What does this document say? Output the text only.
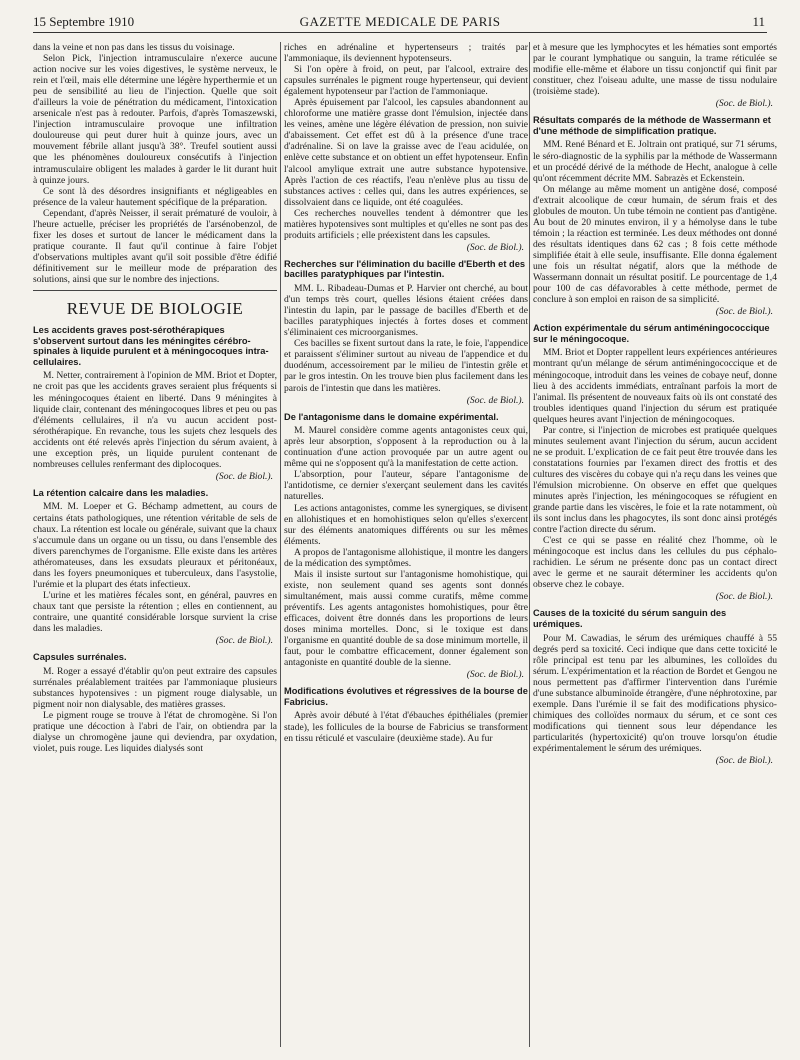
15 Septembre 1910	GAZETTE MEDICALE DE PARIS	11

dans la veine et non pas dans les tissus du voisinage.

Selon Pick, l'injection intramusculaire n'exerce aucune action nocive sur les voies digestives, le système nerveux, le rein et l'œil, mais elle détermine une légère hyperthermie et un peu de sensibilité au lieu de l'injection. Quelle que soit d'ailleurs la voie de pénétration du médicament, l'intoxication arsenicale n'est pas à redouter. Parfois, d'après Tomaszewski, l'injection intramusculaire provoque une infiltration douloureuse qui peut durer huit à quinze jours, avec un mouvement fébrile allant jusqu'à 38°. Treufel soutient aussi que les phénomènes douloureux consécutifs à l'injection intramusculaire obligent les malades à garder le lit durant huit à quinze jours.

Ce sont là des désordres insignifiants et négligeables en présence de la valeur hautement spécifique de la préparation.

Cependant, d'après Neisser, il serait prématuré de vouloir, à l'heure actuelle, préciser les propriétés de l'arsénobenzol, de fixer les doses et surtout de lancer le médicament dans la pratique courante. Il faut qu'il continue à faire l'objet d'observations multiples avant qu'il soit possible d'être édifié définitivement sur le meilleur mode de préparation des solutions, ainsi que sur le nombre des injections.

REVUE DE BIOLOGIE
Les accidents graves post-sérothérapiques s'observent surtout dans les méningites cérébro-spinales à liquide purulent et à méningocoques intra-cellulaires.

M. Netter, contrairement à l'opinion de MM. Briot et Dopter, ne croit pas que les accidents graves seraient plus fréquents si les méningocoques étaient en liberté. Dans 9 méningites à liquide clair, contenant des méningocoques libres et peu ou pas d'éléments cellulaires, il n'a vu aucun accident post-sérothérapique. En revanche, tous les sujets chez lesquels des accidents ont été relevés après l'injection du sérum avaient, à une exception près, un liquide purulent contenant de nombreuses cellules renfermant des diplocoques.

(Soc. de Biol.).
La rétention calcaire dans les maladies.

MM. M. Loeper et G. Béchamp admettent, au cours de certains états pathologiques, une rétention véritable de sels de chaux. La rétention est locale ou générale, suivant que la chaux s'accumule dans un organe ou un tissu, ou dans l'ensemble des divers parenchymes de l'organisme. Elle existe dans les artères athéromateuses, dans les exsudats pleuraux et péritonéaux, dans les foyers pneumoniques et tuberculeux, dans l'asystolie, l'urémie et la plupart des états infectieux.

L'urine et les matières fécales sont, en général, pauvres en chaux tant que persiste la rétention ; elles en contiennent, au contraire, une quantité considérable lorsque survient la crise dans les maladies.

(Soc. de Biol.).
Capsules surrénales.

M. Roger a essayé d'établir qu'on peut extraire des capsules surrénales préalablement traitées par l'ammoniaque plusieurs substances hypotensives : un pigment rouge dialysable, un pigment noir non dialysable, des matières grasses.

Le pigment rouge se trouve à l'état de chromogène. Si l'on pratique une décoction à l'abri de l'air, on obtiendra par la dialyse un chromogène jaune qui deviendra, par oxydation, violet, puis rouge. Les liquides dialysés sont

riches en adrénaline et hypertenseurs ; traités par l'ammoniaque, ils deviennent hypotenseurs.

Si l'on opère à froid, on peut, par l'alcool, extraire des capsules surrénales le pigment rouge hypertenseur, qui devient également hypotenseur par l'action de l'ammoniaque.

Après épuisement par l'alcool, les capsules abandonnent au chloroforme une matière grasse dont l'émulsion, injectée dans les veines, amène une légère élévation de pression, non suivie d'abaissement. Cet effet est dû à la présence d'une trace d'adrénaline. Si on lave la graisse avec de l'eau acidulée, on enlève cette substance et on obtient un effet hypotenseur. Enfin l'alcool amylique extrait une autre substance hypotensive. Après l'action de ces réactifs, l'eau n'enlève plus au tissu de substances actives : celles qui, dans les autres expériences, se dissolvaient dans ce liquide, ont été coagulées.

Ces recherches nouvelles tendent à démontrer que les matières hypotensives sont multiples et qu'elles ne sont pas des produits artificiels ; elle préexistent dans les capsules.

(Soc. de Biol.).
Recherches sur l'élimination du bacille d'Eberth et des bacilles paratyphiques par l'intestin.

MM. L. Ribadeau-Dumas et P. Harvier ont cherché, au bout d'un temps très court, quelles lésions étaient créées dans l'intestin du lapin, par le passage de bacilles d'Eberth et de bacilles paratyphiques injectés à fortes doses et comment s'éliminaient ces microorganismes.

Ces bacilles se fixent surtout dans la rate, le foie, l'appendice et paraissent s'éliminer surtout au niveau de l'appendice et du duodénum, accessoirement par le milieu de l'intestin grêle et par le gros intestin. On les trouve bien plus facilement dans les parois de l'intestin que dans les matières.

(Soc. de Biol.).
De l'antagonisme dans le domaine expérimental.

M. Maurel considère comme agents antagonistes ceux qui, après leur absorption, s'opposent à la reproduction ou à la continuation d'une action provoquée par un autre agent ou même qui ne s'opposent qu'à la manifestation de cette action.

L'absorption, pour l'auteur, sépare l'antagonisme de l'antidotisme, ce dernier s'exerçant seulement dans les cavités naturelles.

Les actions antagonistes, comme les synergiques, se divisent en allohistiques et en homohistiques selon qu'elles s'exercent sur des éléments anatomiques différents ou sur les mêmes éléments.

A propos de l'antagonisme allohistique, il montre les dangers de la médication des symptômes.

Mais il insiste surtout sur l'antagonisme homohistique, qui existe, non seulement quand ses agents sont donnés simultanément, mais aussi comme curatifs, même comme préventifs. Les agents antagonistes homohistiques, pour être efficaces, doivent être donnés dans les proportions de leurs doses minima mortelles. Donc, si le toxique est dans l'organisme en quantité double de sa dose minimum mortelle, il faut, pour le combattre efficacement, donner également son antagoniste en quantité double de la sienne.

(Soc. de Biol.).
Modifications évolutives et régressives de la bourse de Fabricius.

Après avoir débuté à l'état d'ébauches épithéliales (premier stade), les follicules de la bourse de Fabricius se transforment en tissu réticulé et vasculaire (deuxième stade). Au fur

et à mesure que les lymphocytes et les hématies sont emportés par le courant lymphatique ou sanguin, la trame réticulée se modifie elle-même et élabore un tissu conjonctif qui finit par constituer, chez l'oiseau adulte, une masse de tissu nodulaire (troisième stade).

(Soc. de Biol.).
Résultats comparés de la méthode de Wassermann et d'une méthode de simplification pratique.

MM. René Bénard et E. Joltrain ont pratiqué, sur 71 sérums, le séro-diagnostic de la syphilis par la méthode de Wassermann et un procédé dérivé de la méthode de Hecht, analogue à celle qu'ont récemment décrite MM. Sabrazès et Eckenstein.

On mélange au même moment un antigène dosé, composé d'extrait alcoolique de cœur humain, de sérum frais et des globules de mouton. Un tube témoin ne contient pas d'antigène. Au bout de 20 minutes environ, il y a hémolyse dans le tube témoin ; la réaction est terminée. Les deux méthodes ont donné des résultats identiques dans 62 cas ; 8 fois cette méthode simplifiée était à elle seule, insuffisante. Elle donna également une fois un résultat négatif, alors que la méthode de Wassermann donnait un résultat positif. Le pourcentage de 1,4 pour 100 de cas défavorables à cette méthode, permet de conclure à son emploi en raison de sa simplicité.

(Soc. de Biol.).
Action expérimentale du sérum antiméningococcique sur le méningocoque.

MM. Briot et Dopter rappellent leurs expériences antérieures montrant qu'un mélange de sérum antiméningococcique et de méningocoque, introduit dans les veines de cobaye neuf, donne lieu à des accidents immédiats, entraînant parfois la mort de l'animal. Ils présentent de nouveaux faits où ils ont constaté des troubles identiques quand l'injection du sérum est pratiquée quelques heures avant l'injection de méningocoques.

Par contre, si l'injection de microbes est pratiquée quelques minutes seulement avant l'injection du sérum, aucun accident ne se produit. L'explication de ce fait peut être trouvée dans les constatations fournies par l'examen direct des frottis et des cultures des viscères du cobaye qui n'a reçu dans les veines que l'émulsion microbienne. On observe en effet que quelques minutes après l'injection, les méningocoques se réfugient en grande partie dans les viscères, le foie et la rate notamment, où ils sont inclus dans les phagocytes, ils sont donc ainsi protégés contre l'action directe du sérum.

C'est ce qui se passe en réalité chez l'homme, où le méningocoque est inclus dans les cellules du pus céphalo-rachidien. Le sérum ne présente donc pas un contact direct avec le germe et ne saurait déterminer les accidents qu'on observe chez le cobaye.

(Soc. de Biol.).
Causes de la toxicité du sérum sanguin des urémiques.

Pour M. Cawadias, le sérum des urémiques chauffé à 55 degrés perd sa toxicité. Ceci indique que dans cette toxicité le rôle principal est tenu par les albumines, les colloïdes du sérum. L'expérimentation et la réaction de Bordet et Gengou ne nous permettent pas d'affirmer l'intervention dans l'urémie d'une substance albuminoïde étrangère, d'une néphrotoxine, par exemple. Dans l'urémie il se fait des modifications physico-chimiques des colloïdes normaux du sérum, et ce sont ces modifications qui tiennent sous leur dépendance les particularités (hypertoxicité) qu'on trouve lorsqu'on étudie expérimentalement le sérum des urémiques.

(Soc. de Biol.).
